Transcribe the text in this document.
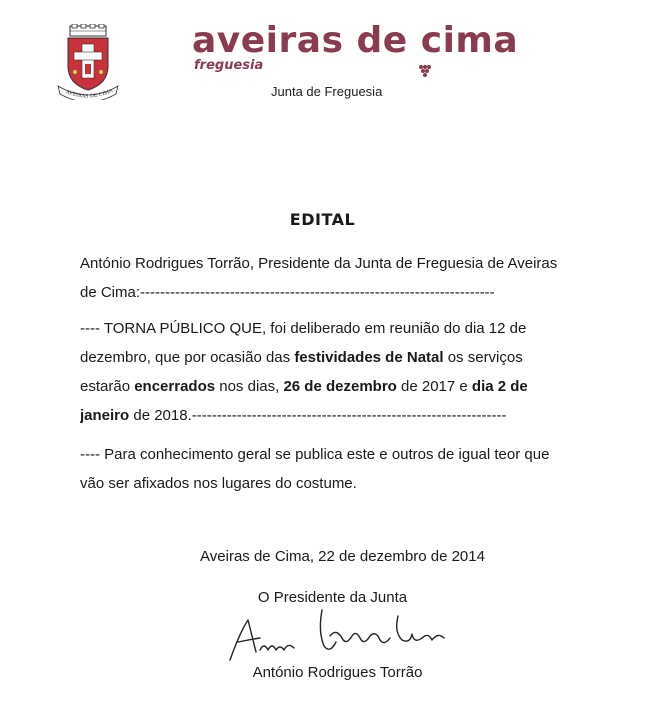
AVEIRAS DE CIMA
aveiras de cima
freguesia
Junta de Freguesia
EDITAL
António Rodrigues Torrão, Presidente da Junta de Freguesia de Aveiras
de Cima:-----------------------------------------------------------------------
---- TORNA PÚBLICO QUE, foi deliberado em reunião do dia 12 de
dezembro, que por ocasião das festividades de Natal os serviços
estarão encerrados nos dias, 26 de dezembro de 2017 e dia 2 de
janeiro de 2018.---------------------------------------------------------------
---- Para conhecimento geral se publica este e outros de igual teor que
vão ser afixados nos lugares do costume.
Aveiras de Cima, 22 de dezembro de 2014
O Presidente da Junta
António Rodrigues Torrão
